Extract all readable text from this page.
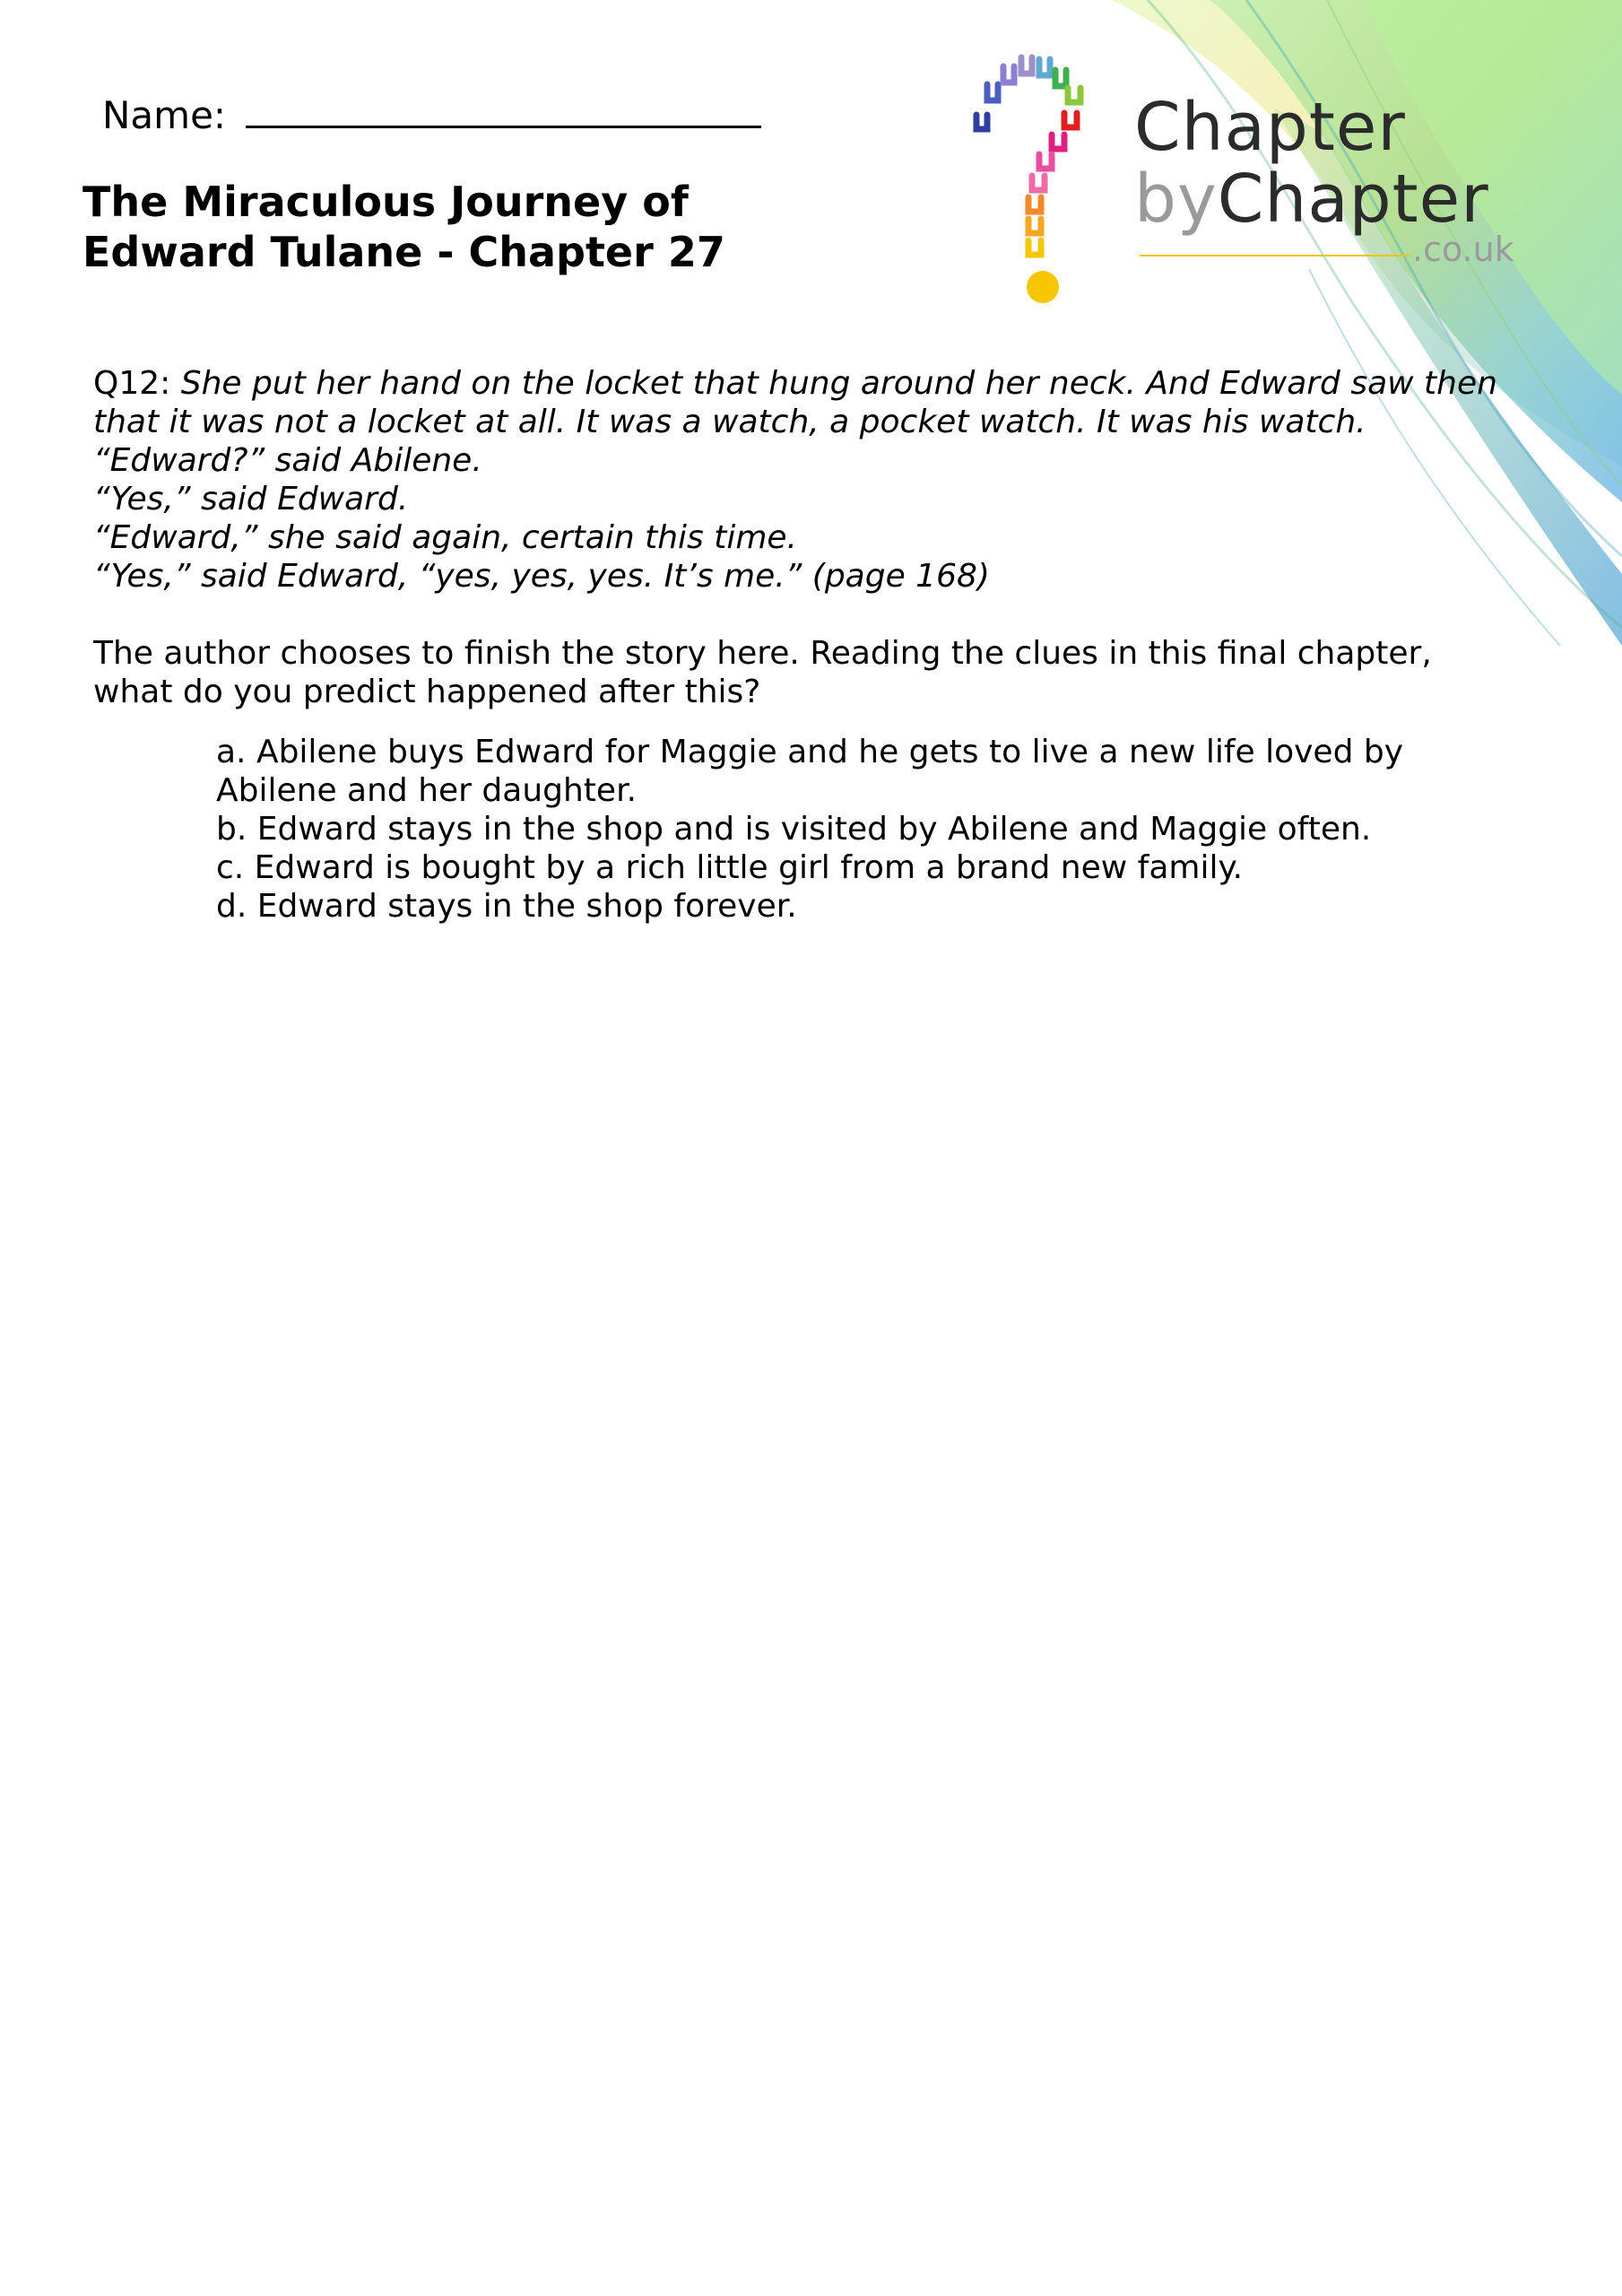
Name:
The Miraculous Journey of
Edward Tulane - Chapter 27
Chapter
byChapter
.co.uk
Q12: She put her hand on the locket that hung around her neck. And Edward saw then
that it was not a locket at all. It was a watch, a pocket watch. It was his watch.
“Edward?” said Abilene.
“Yes,” said Edward.
“Edward,” she said again, certain this time.
“Yes,” said Edward, “yes, yes, yes. It’s me.” (page 168)
The author chooses to finish the story here. Reading the clues in this final chapter,
what do you predict happened after this?
a. Abilene buys Edward for Maggie and he gets to live a new life loved by
Abilene and her daughter.
b. Edward stays in the shop and is visited by Abilene and Maggie often.
c. Edward is bought by a rich little girl from a brand new family.
d. Edward stays in the shop forever.
